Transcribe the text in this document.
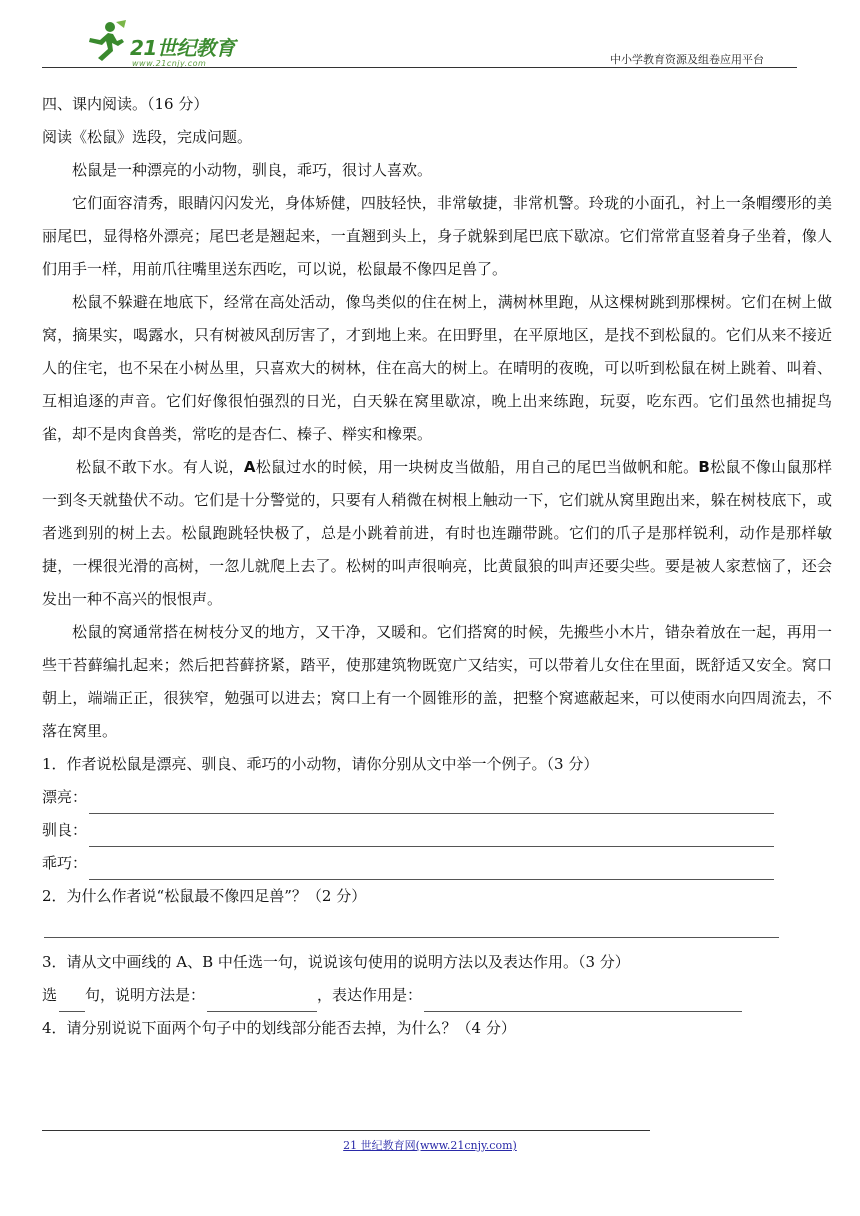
21世纪教育
www.21cnjy.com	中小学教育资源及组卷应用平台

四、课内阅读。（16 分）

阅读《松鼠》选段，完成问题。

松鼠是一种漂亮的小动物，驯良，乖巧，很讨人喜欢。

它们面容清秀，眼睛闪闪发光，身体矫健，四肢轻快，非常敏捷，非常机警。玲珑的小面孔，衬上一条帽缨形的美丽尾巴，显得格外漂亮；尾巴老是翘起来，一直翘到头上，身子就躲到尾巴底下歇凉。它们常常直竖着身子坐着，像人们用手一样，用前爪往嘴里送东西吃，可以说，松鼠最不像四足兽了。

松鼠不躲避在地底下，经常在高处活动，像鸟类似的住在树上，满树林里跑，从这棵树跳到那棵树。它们在树上做窝，摘果实，喝露水，只有树被风刮厉害了，才到地上来。在田野里，在平原地区，是找不到松鼠的。它们从来不接近人的住宅，也不呆在小树丛里，只喜欢大的树林，住在高大的树上。在晴明的夜晚，可以听到松鼠在树上跳着、叫着、互相追逐的声音。它们好像很怕强烈的日光，白天躲在窝里歇凉，晚上出来练跑，玩耍，吃东西。它们虽然也捕捉鸟雀，却不是肉食兽类，常吃的是杏仁、榛子、榉实和橡栗。

松鼠不敢下水。有人说，A松鼠过水的时候，用一块树皮当做船，用自己的尾巴当做帆和舵。B松鼠不像山鼠那样一到冬天就蛰伏不动。它们是十分警觉的，只要有人稍微在树根上触动一下，它们就从窝里跑出来，躲在树枝底下，或者逃到别的树上去。松鼠跑跳轻快极了，总是小跳着前进，有时也连蹦带跳。它们的爪子是那样锐利，动作是那样敏捷，一棵很光滑的高树，一忽儿就爬上去了。松树的叫声很响亮，比黄鼠狼的叫声还要尖些。要是被人家惹恼了，还会发出一种不高兴的恨恨声。

松鼠的窝通常搭在树枝分叉的地方，又干净，又暖和。它们搭窝的时候，先搬些小木片，错杂着放在一起，再用一些干苔藓编扎起来；然后把苔藓挤紧，踏平，使那建筑物既宽广又结实，可以带着儿女住在里面，既舒适又安全。窝口朝上，端端正正，很狭窄，勉强可以进去；窝口上有一个圆锥形的盖，把整个窝遮蔽起来，可以使雨水向四周流去，不落在窝里。

1．作者说松鼠是漂亮、驯良、乖巧的小动物，请你分别从文中举一个例子。（3 分）

漂亮：
驯良：
乖巧：

2．为什么作者说“松鼠最不像四足兽”？（2 分）

3．请从文中画线的 A、B 中任选一句，说说该句使用的说明方法以及表达作用。（3 分）

选 句，说明方法是：	，表达作用是：

4．请分别说说下面两个句子中的划线部分能否去掉，为什么？（4 分）

21 世纪教育网(www.21cnjy.com)
